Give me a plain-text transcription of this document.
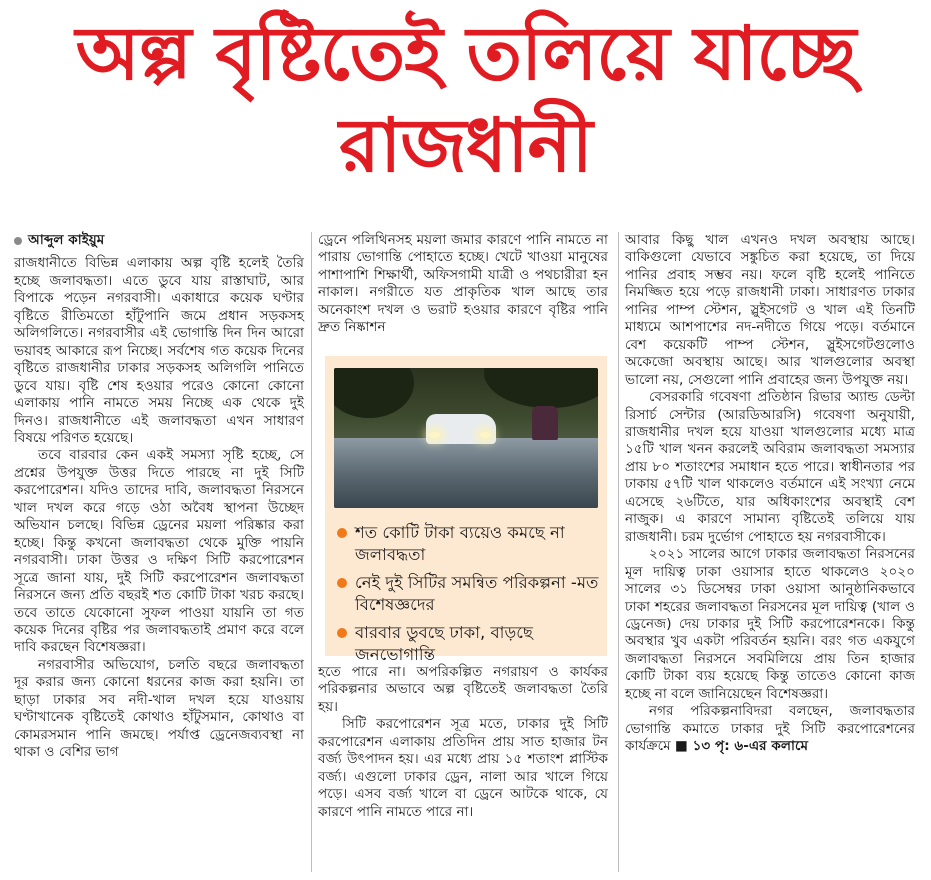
অল্প বৃষ্টিতেই তলিয়ে যাচ্ছে রাজধানী
আব্দুল কাইয়ুম

রাজধানীতে বিভিন্ন এলাকায় অল্প বৃষ্টি হলেই তৈরি হচ্ছে জলাবদ্ধতা। এতে ডুবে যায় রাস্তাঘাট, আর বিপাকে পড়েন নগরবাসী। একাধারে কয়েক ঘণ্টার বৃষ্টিতে রীতিমতো হাঁটুপানি জমে প্রধান সড়কসহ অলিগলিতে। নগরবাসীর এই ভোগান্তি দিন দিন আরো ভয়াবহ আকারে রূপ নিচ্ছে। সর্বশেষ গত কয়েক দিনের বৃষ্টিতে রাজধানীর ঢাকার সড়কসহ অলিগলি পানিতে ডুবে যায়। বৃষ্টি শেষ হওয়ার পরেও কোনো কোনো এলাকায় পানি নামতে সময় নিচ্ছে এক থেকে দুই দিনও। রাজধানীতে এই জলাবদ্ধতা এখন সাধারণ বিষয়ে পরিণত হয়েছে।

তবে বারবার কেন একই সমস্যা সৃষ্টি হচ্ছে, সে প্রশ্নের উপযুক্ত উত্তর দিতে পারছে না দুই সিটি করপোরেশন। যদিও তাদের দাবি, জলাবদ্ধতা নিরসনে খাল দখল করে গড়ে ওঠা অবৈধ স্থাপনা উচ্ছেদ অভিযান চলছে। বিভিন্ন ড্রেনের ময়লা পরিষ্কার করা হচ্ছে। কিন্তু কখনো জলাবদ্ধতা থেকে মুক্তি পায়নি নগরবাসী। ঢাকা উত্তর ও দক্ষিণ সিটি করপোরেশন সূত্রে জানা যায়, দুই সিটি করপোরেশন জলাবদ্ধতা নিরসনে জন্য প্রতি বছরই শত কোটি টাকা খরচ করছে। তবে তাতে যেকোনো সুফল পাওয়া যায়নি তা গত কয়েক দিনের বৃষ্টির পর জলাবদ্ধতাই প্রমাণ করে বলে দাবি করছেন বিশেষজ্ঞরা।

নগরবাসীর অভিযোগ, চলতি বছরে জলাবদ্ধতা দূর করার জন্য কোনো ধরনের কাজ করা হয়নি। তা ছাড়া ঢাকার সব নদী-খাল দখল হয়ে যাওয়ায় ঘণ্টাখানেক বৃষ্টিতেই কোথাও হাঁটুসমান, কোথাও বা কোমরসমান পানি জমছে। পর্যাপ্ত ড্রেনেজব্যবস্থা না থাকা ও বেশির ভাগ

ড্রেনে পলিথিনসহ ময়লা জমার কারণে পানি নামতে না পারায় ভোগান্তি পোহাতে হচ্ছে। খেটে খাওয়া মানুষের পাশাপাশি শিক্ষার্থী, অফিসগামী যাত্রী ও পথচারীরা হন নাকাল। নগরীতে যত প্রাকৃতিক খাল আছে তার অনেকাংশ দখল ও ভরাট হওয়ার কারণে বৃষ্টির পানি দ্রুত নিষ্কাশন

শত কোটি টাকা ব্যয়েও কমছে না জলাবদ্ধতা
নেই দুই সিটির সমন্বিত পরিকল্পনা -মত বিশেষজ্ঞদের
বারবার ডুবছে ঢাকা, বাড়ছে জনভোগান্তি

হতে পারে না। অপরিকল্পিত নগরায়ণ ও কার্যকর পরিকল্পনার অভাবে অল্প বৃষ্টিতেই জলাবদ্ধতা তৈরি হয়।

সিটি করপোরেশন সূত্র মতে, ঢাকার দুই সিটি করপোরেশন এলাকায় প্রতিদিন প্রায় সাত হাজার টন বর্জ্য উৎপাদন হয়। এর মধ্যে প্রায় ১৫ শতাংশ প্লাস্টিক বর্জ্য। এগুলো ঢাকার ড্রেন, নালা আর খালে গিয়ে পড়ে। এসব বর্জ্য খালে বা ড্রেনে আটকে থাকে, যে কারণে পানি নামতে পারে না।

আবার কিছু খাল এখনও দখল অবস্থায় আছে। বাকিগুলো যেভাবে সঙ্কুচিত করা হয়েছে, তা দিয়ে পানির প্রবাহ সম্ভব নয়। ফলে বৃষ্টি হলেই পানিতে নিমজ্জিত হয়ে পড়ে রাজধানী ঢাকা। সাধারণত ঢাকার পানির পাম্প স্টেশন, স্লুইসগেট ও খাল এই তিনটি মাধ্যমে আশপাশের নদ-নদীতে গিয়ে পড়ে। বর্তমানে বেশ কয়েকটি পাম্প স্টেশন, স্লুইসগেটগুলোও অকেজো অবস্থায় আছে। আর খালগুলোর অবস্থা ভালো নয়, সেগুলো পানি প্রবাহের জন্য উপযুক্ত নয়।

বেসরকারি গবেষণা প্রতিষ্ঠান রিভার অ্যান্ড ডেল্টা রিসার্চ সেন্টার (আরডিআরসি) গবেষণা অনুযায়ী, রাজধানীর দখল হয়ে যাওয়া খালগুলোর মধ্যে মাত্র ১৫টি খাল খনন করলেই অবিরাম জলাবদ্ধতা সমস্যার প্রায় ৮০ শতাংশের সমাধান হতে পারে। স্বাধীনতার পর ঢাকায় ৫৭টি খাল থাকলেও বর্তমানে এই সংখ্যা নেমে এসেছে ২৬টিতে, যার অধিকাংশের অবস্থাই বেশ নাজুক। এ কারণে সামান্য বৃষ্টিতেই তলিয়ে যায় রাজধানী। চরম দুর্ভোগ পোহাতে হয় নগরবাসীকে।

২০২১ সালের আগে ঢাকার জলাবদ্ধতা নিরসনের মূল দায়িত্ব ঢাকা ওয়াসার হাতে থাকলেও ২০২০ সালের ৩১ ডিসেম্বর ঢাকা ওয়াসা আনুষ্ঠানিকভাবে ঢাকা শহরের জলাবদ্ধতা নিরসনের মূল দায়িত্ব (খাল ও ড্রেনেজ) দেয় ঢাকার দুই সিটি করপোরেশনকে। কিন্তু অবস্থার খুব একটা পরিবর্তন হয়নি। বরং গত একযুগে জলাবদ্ধতা নিরসনে সবমিলিয়ে প্রায় তিন হাজার কোটি টাকা ব্যয় হয়েছে কিন্তু তাতেও কোনো কাজ হচ্ছে না বলে জানিয়েছেন বিশেষজ্ঞরা।

নগর পরিকল্পনাবিদরা বলছেন, জলাবদ্ধতার ভোগান্তি কমাতে ঢাকার দুই সিটি করপোরেশনের কার্যক্রমে ■ ১৩ পৃ: ৬-এর কলামে
